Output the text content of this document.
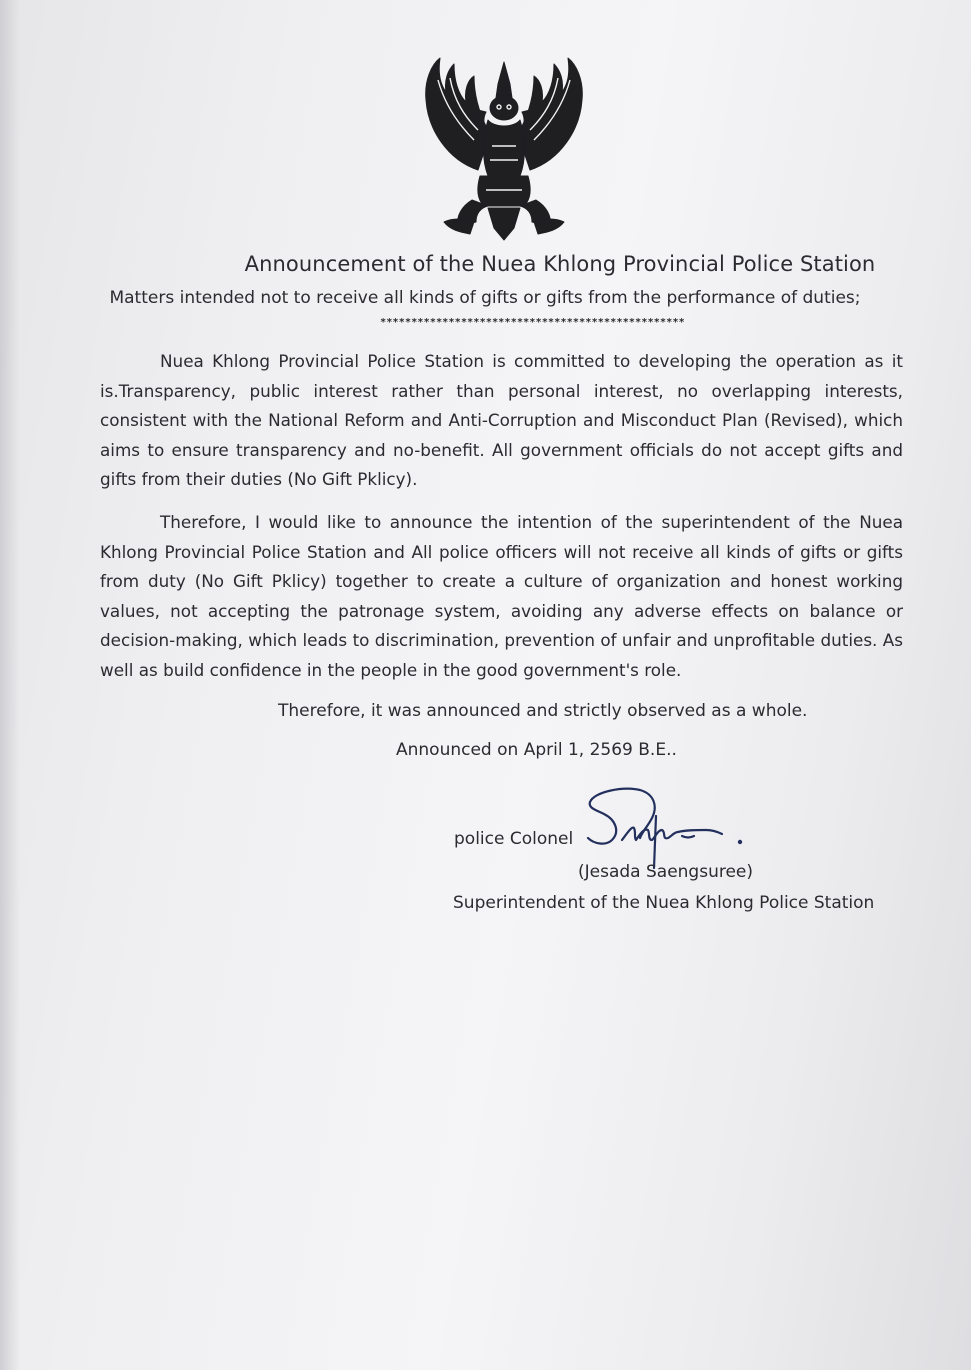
Announcement of the Nuea Khlong Provincial Police Station
Matters intended not to receive all kinds of gifts or gifts from the performance of duties;
*************************************************

Nuea Khlong Provincial Police Station is committed to developing the operation as it is.Transparency, public interest rather than personal interest, no overlapping interests, consistent with the National Reform and Anti-Corruption and Misconduct Plan (Revised), which aims to ensure transparency and no-benefit. All government officials do not accept gifts and gifts from their duties (No Gift Pklicy).

Therefore, I would like to announce the intention of the superintendent of the Nuea Khlong Provincial Police Station and All police officers will not receive all kinds of gifts or gifts from duty (No Gift Pklicy) together to create a culture of organization and honest working values, not accepting the patronage system, avoiding any adverse effects on balance or decision-making, which leads to discrimination, prevention of unfair and unprofitable duties. As well as build confidence in the people in the good government's role.

Therefore, it was announced and strictly observed as a whole.
Announced on April 1, 2569 B.E..
police Colonel
(Jesada Saengsuree)
Superintendent of the Nuea Khlong Police Station
